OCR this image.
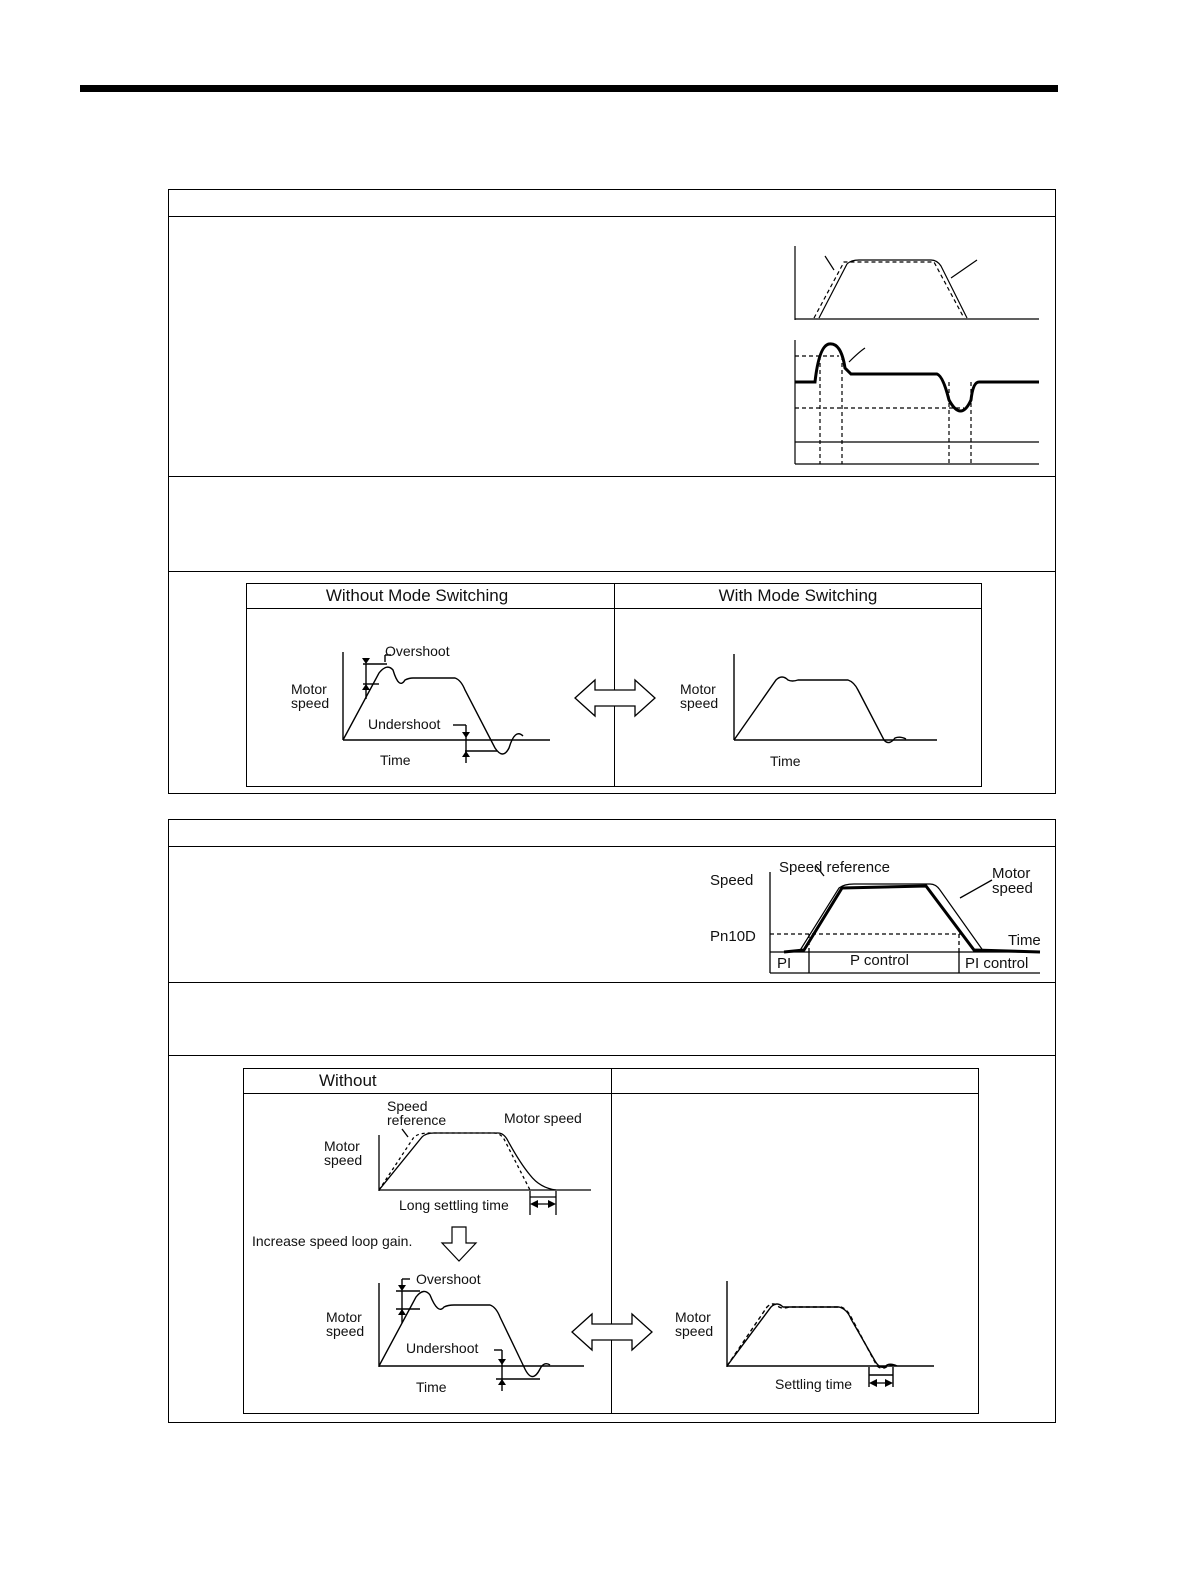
Without Mode Switching	With Mode Switching
Overshoot
Motor
speed
Undershoot
Time
Motor
speed
Time
Speed
Speed reference	Motor
speed
Pn10D	Time
PI	P control	PI control
Without
Speed
reference	Motor speed
Motor
speed
Long settling time
Increase speed loop gain.
Overshoot
Motor
speed
Undershoot
Time
Motor
speed
Settling time
